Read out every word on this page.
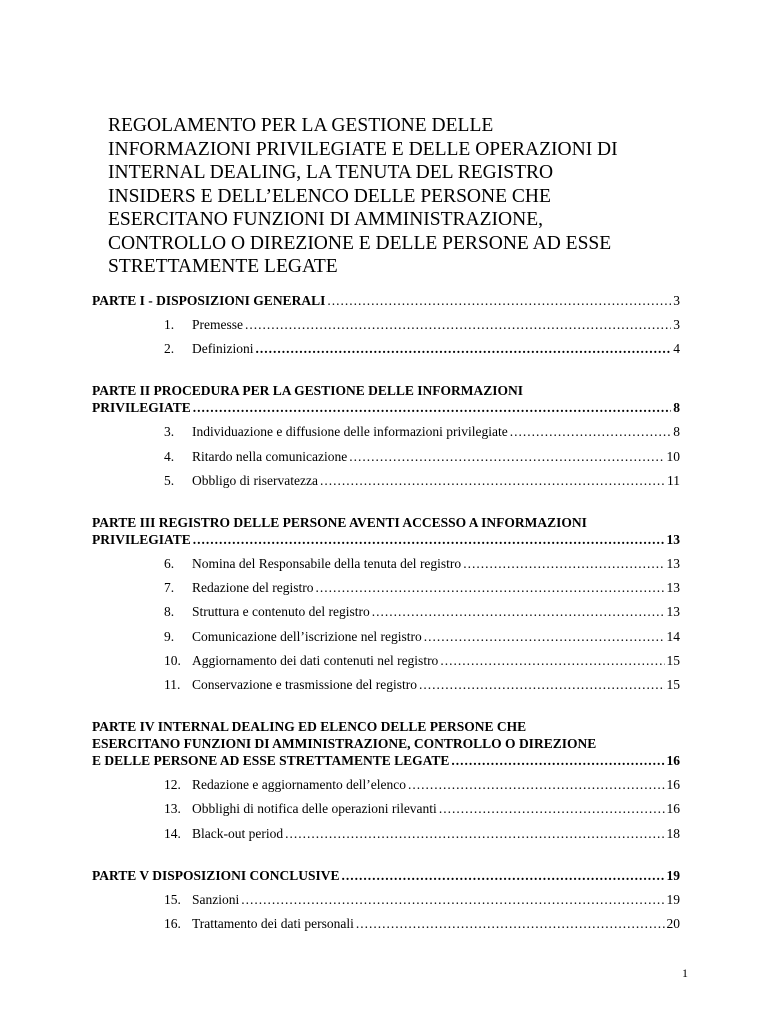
REGOLAMENTO PER LA GESTIONE DELLE
INFORMAZIONI PRIVILEGIATE E DELLE OPERAZIONI DI
INTERNAL DEALING, LA TENUTA DEL REGISTRO
INSIDERS E DELL’ELENCO DELLE PERSONE CHE
ESERCITANO FUNZIONI DI AMMINISTRAZIONE,
CONTROLLO O DIREZIONE E DELLE PERSONE AD ESSE
STRETTAMENTE LEGATE
PARTE I - DISPOSIZIONI GENERALI .....	3
1.	Premesse .....	3
2.	Definizioni .....	4
PARTE II PROCEDURA PER LA GESTIONE DELLE INFORMAZIONI
PRIVILEGIATE .....	8
3.	Individuazione e diffusione delle informazioni privilegiate .....	8
4.	Ritardo nella comunicazione .....	10
5.	Obbligo di riservatezza .....	11
PARTE III REGISTRO DELLE PERSONE AVENTI ACCESSO A INFORMAZIONI
PRIVILEGIATE .....	13
6.	Nomina del Responsabile della tenuta del registro .....	13
7.	Redazione del registro .....	13
8.	Struttura e contenuto del registro .....	13
9.	Comunicazione dell’iscrizione nel registro .....	14
10. Aggiornamento dei dati contenuti nel registro .....	15
11. Conservazione e trasmissione del registro .....	15
PARTE IV INTERNAL DEALING ED ELENCO DELLE PERSONE CHE
ESERCITANO FUNZIONI DI AMMINISTRAZIONE, CONTROLLO O DIREZIONE
E DELLE PERSONE AD ESSE STRETTAMENTE LEGATE .....	16
12. Redazione e aggiornamento dell’elenco .....	16
13. Obblighi di notifica delle operazioni rilevanti .....	16
14. Black-out period .....	18
PARTE V DISPOSIZIONI CONCLUSIVE .....	19
15. Sanzioni .....	19
16. Trattamento dei dati personali .....	20
1
